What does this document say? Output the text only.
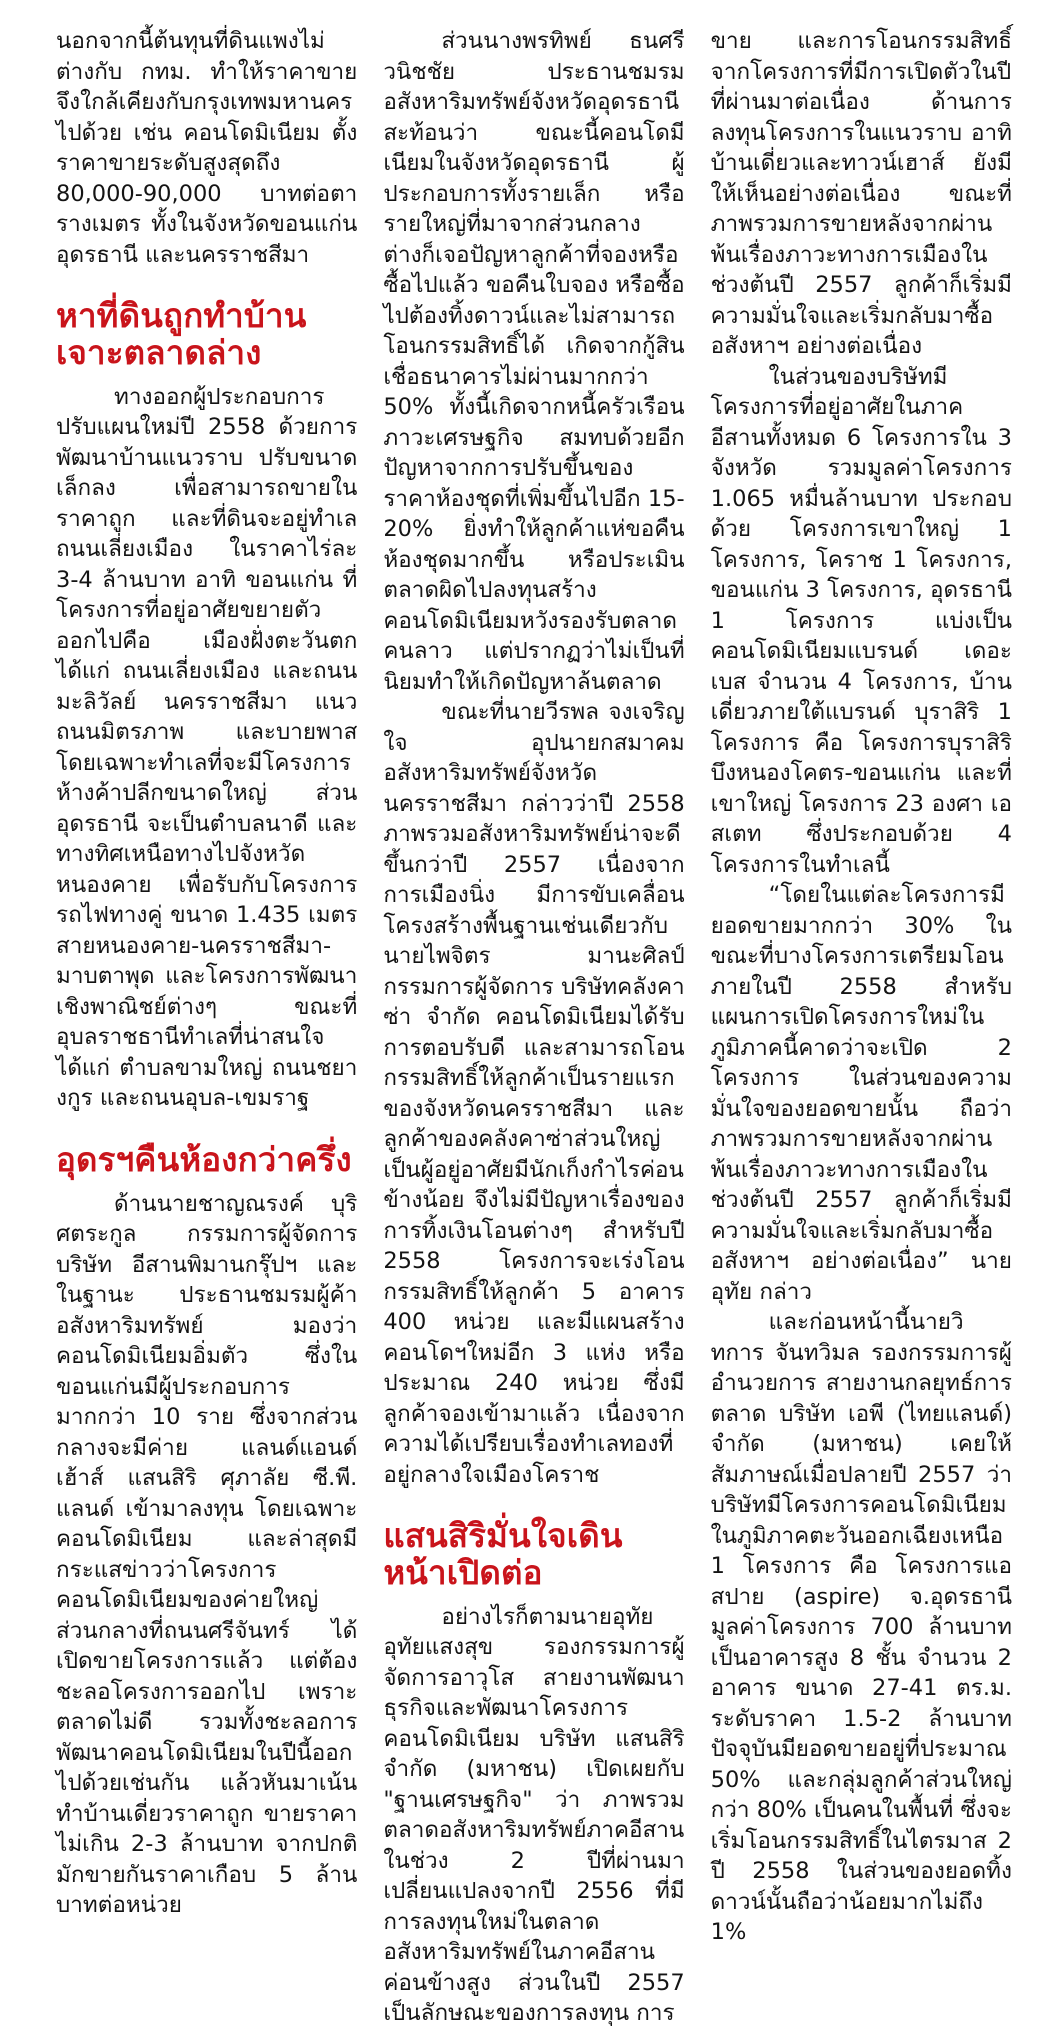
นอกจากนี้ต้นทุนที่ดินแพงไม่ต่างกับ กทม. ทำให้ราคาขายจึงใกล้เคียงกับกรุงเทพมหานครไปด้วย เช่น คอนโดมิเนียม ตั้งราคาขายระดับสูงสุดถึง 80,000-90,000 บาทต่อตารางเมตร ทั้งในจังหวัดขอนแก่น อุดรธานี และนครราชสีมา

หาที่ดินถูกทำบ้านเจาะตลาดล่าง

ทางออกผู้ประกอบการปรับแผนใหม่ปี 2558 ด้วยการพัฒนาบ้านแนวราบ ปรับขนาดเล็กลง เพื่อสามารถขายในราคาถูก และที่ดินจะอยู่ทำเลถนนเลี่ยงเมือง ในราคาไร่ละ 3-4 ล้านบาท อาทิ ขอนแก่น ที่โครงการที่อยู่อาศัยขยายตัวออกไปคือ เมืองฝั่งตะวันตก ได้แก่ ถนนเลี่ยงเมือง และถนนมะลิวัลย์ นครราชสีมา แนวถนนมิตรภาพ และบายพาส โดยเฉพาะทำเลที่จะมีโครงการห้างค้าปลีกขนาดใหญ่ ส่วนอุดรธานี จะเป็นตำบลนาดี และทางทิศเหนือทางไปจังหวัดหนองคาย เพื่อรับกับโครงการรถไฟทางคู่ ขนาด 1.435 เมตร สายหนองคาย-นครราชสีมา-มาบตาพุด และโครงการพัฒนาเชิงพาณิชย์ต่างๆ ขณะที่อุบลราชธานีทำเลที่น่าสนใจ ได้แก่ ตำบลขามใหญ่ ถนนชยางกูร และถนนอุบล-เขมราฐ

อุดรฯคืนห้องกว่าครึ่ง

ด้านนายชาญณรงค์ บุริศตระกูล กรรมการผู้จัดการ บริษัท อีสานพิมานกรุ๊ปฯ และในฐานะ ประธานชมรมผู้ค้าอสังหาริมทรัพย์ มองว่า คอนโดมิเนียมอิ่มตัว ซึ่งในขอนแก่นมีผู้ประกอบการมากกว่า 10 ราย ซึ่งจากส่วนกลางจะมีค่าย แลนด์แอนด์เฮ้าส์ แสนสิริ ศุภาลัย ซี.พี. แลนด์ เข้ามาลงทุน โดยเฉพาะคอนโดมิเนียม และล่าสุดมีกระแสข่าวว่าโครงการคอนโดมิเนียมของค่ายใหญ่ส่วนกลางที่ถนนศรีจันทร์ ได้เปิดขายโครงการแล้ว แต่ต้องชะลอโครงการออกไป เพราะตลาดไม่ดี รวมทั้งชะลอการพัฒนาคอนโดมิเนียมในปีนี้ออกไปด้วยเช่นกัน แล้วหันมาเน้นทำบ้านเดี่ยวราคาถูก ขายราคาไม่เกิน 2-3 ล้านบาท จากปกติมักขายกันราคาเกือบ 5 ล้านบาทต่อหน่วย

ส่วนนางพรทิพย์ ธนศรีวนิชชัย ประธานชมรมอสังหาริมทรัพย์จังหวัดอุดรธานี สะท้อนว่า ขณะนี้คอนโดมีเนียมในจังหวัดอุดรธานี ผู้ประกอบการทั้งรายเล็ก หรือรายใหญ่ที่มาจากส่วนกลาง ต่างก็เจอปัญหาลูกค้าที่จองหรือซื้อไปแล้ว ขอคืนใบจอง หรือซื้อไปต้องทิ้งดาวน์และไม่สามารถโอนกรรมสิทธิ์ได้ เกิดจากกู้สินเชื่อธนาคารไม่ผ่านมากกว่า 50% ทั้งนี้เกิดจากหนี้ครัวเรือน ภาวะเศรษฐกิจ สมทบด้วยอีกปัญหาจากการปรับขึ้นของราคาห้องชุดที่เพิ่มขึ้นไปอีก 15-20% ยิ่งทำให้ลูกค้าแห่ขอคืนห้องชุดมากขึ้น หรือประเมินตลาดผิดไปลงทุนสร้างคอนโดมิเนียมหวังรองรับตลาดคนลาว แต่ปรากฏว่าไม่เป็นที่นิยมทำให้เกิดปัญหาล้นตลาด

ขณะที่นายวีรพล จงเจริญใจ อุปนายกสมาคมอสังหาริมทรัพย์จังหวัดนครราชสีมา กล่าวว่าปี 2558 ภาพรวมอสังหาริมทรัพย์น่าจะดีขึ้นกว่าปี 2557 เนื่องจากการเมืองนิ่ง มีการขับเคลื่อนโครงสร้างพื้นฐานเช่นเดียวกับนายไพจิตร มานะศิลป์ กรรมการผู้จัดการ บริษัทคลังคาซ่า จำกัด คอนโดมิเนียมได้รับการตอบรับดี และสามารถโอนกรรมสิทธิ์ให้ลูกค้าเป็นรายแรกของจังหวัดนครราชสีมา และลูกค้าของคลังคาซ่าส่วนใหญ่เป็นผู้อยู่อาศัยมีนักเก็งกำไรค่อนข้างน้อย จึงไม่มีปัญหาเรื่องของการทิ้งเงินโอนต่างๆ สำหรับปี 2558 โครงการจะเร่งโอนกรรมสิทธิ์ให้ลูกค้า 5 อาคาร 400 หน่วย และมีแผนสร้างคอนโดฯใหม่อีก 3 แห่ง หรือประมาณ 240 หน่วย ซึ่งมีลูกค้าจองเข้ามาแล้ว เนื่องจากความได้เปรียบเรื่องทำเลทองที่อยู่กลางใจเมืองโคราช

แสนสิริมั่นใจเดินหน้าเปิดต่อ

อย่างไรก็ตามนายอุทัย อุทัยแสงสุข รองกรรมการผู้จัดการอาวุโส สายงานพัฒนาธุรกิจและพัฒนาโครงการคอนโดมิเนียม บริษัท แสนสิริ จำกัด (มหาชน) เปิดเผยกับ "ฐานเศรษฐกิจ" ว่า ภาพรวมตลาดอสังหาริมทรัพย์ภาคอีสาน ในช่วง 2 ปีที่ผ่านมา เปลี่ยนแปลงจากปี 2556 ที่มีการลงทุนใหม่ในตลาดอสังหาริมทรัพย์ในภาคอีสานค่อนข้างสูง ส่วนในปี 2557 เป็นลักษณะของการลงทุน การ

ขาย และการโอนกรรมสิทธิ์ จากโครงการที่มีการเปิดตัวในปีที่ผ่านมาต่อเนื่อง ด้านการลงทุนโครงการในแนวราบ อาทิ บ้านเดี่ยวและทาวน์เฮาส์ ยังมีให้เห็นอย่างต่อเนื่อง ขณะที่ภาพรวมการขายหลังจากผ่านพ้นเรื่องภาวะทางการเมืองในช่วงต้นปี 2557 ลูกค้าก็เริ่มมีความมั่นใจและเริ่มกลับมาซื้ออสังหาฯ อย่างต่อเนื่อง

ในส่วนของบริษัทมีโครงการที่อยู่อาศัยในภาคอีสานทั้งหมด 6 โครงการใน 3 จังหวัด รวมมูลค่าโครงการ 1.065 หมื่นล้านบาท ประกอบด้วย โครงการเขาใหญ่ 1 โครงการ, โคราช 1 โครงการ, ขอนแก่น 3 โครงการ, อุดรธานี 1 โครงการ แบ่งเป็น คอนโดมิเนียมแบรนด์ เดอะ เบส จำนวน 4 โครงการ, บ้านเดี่ยวภายใต้แบรนด์ บุราสิริ 1 โครงการ คือ โครงการบุราสิริ บึงหนองโคตร-ขอนแก่น และที่เขาใหญ่ โครงการ 23 องศา เอสเตท ซึ่งประกอบด้วย 4 โครงการในทำเลนี้

“โดยในแต่ละโครงการมียอดขายมากกว่า 30% ในขณะที่บางโครงการเตรียมโอนภายในปี 2558 สำหรับแผนการเปิดโครงการใหม่ในภูมิภาคนี้คาดว่าจะเปิด 2 โครงการ ในส่วนของความมั่นใจของยอดขายนั้น ถือว่าภาพรวมการขายหลังจากผ่านพ้นเรื่องภาวะทางการเมืองในช่วงต้นปี 2557 ลูกค้าก็เริ่มมีความมั่นใจและเริ่มกลับมาซื้ออสังหาฯ อย่างต่อเนื่อง” นายอุทัย กล่าว

และก่อนหน้านี้นายวิทการ จันทวิมล รองกรรมการผู้อำนวยการ สายงานกลยุทธ์การตลาด บริษัท เอพี (ไทยแลนด์) จำกัด (มหาชน) เคยให้สัมภาษณ์เมื่อปลายปี 2557 ว่า บริษัทมีโครงการคอนโดมิเนียมในภูมิภาคตะวันออกเฉียงเหนือ 1 โครงการ คือ โครงการแอสปาย (aspire) จ.อุดรธานี มูลค่าโครงการ 700 ล้านบาท เป็นอาคารสูง 8 ชั้น จำนวน 2 อาคาร ขนาด 27-41 ตร.ม. ระดับราคา 1.5-2 ล้านบาท ปัจจุบันมียอดขายอยู่ที่ประมาณ 50% และกลุ่มลูกค้าส่วนใหญ่กว่า 80% เป็นคนในพื้นที่ ซึ่งจะเริ่มโอนกรรมสิทธิ์ในไตรมาส 2 ปี 2558 ในส่วนของยอดทิ้งดาวน์นั้นถือว่าน้อยมากไม่ถึง 1%
